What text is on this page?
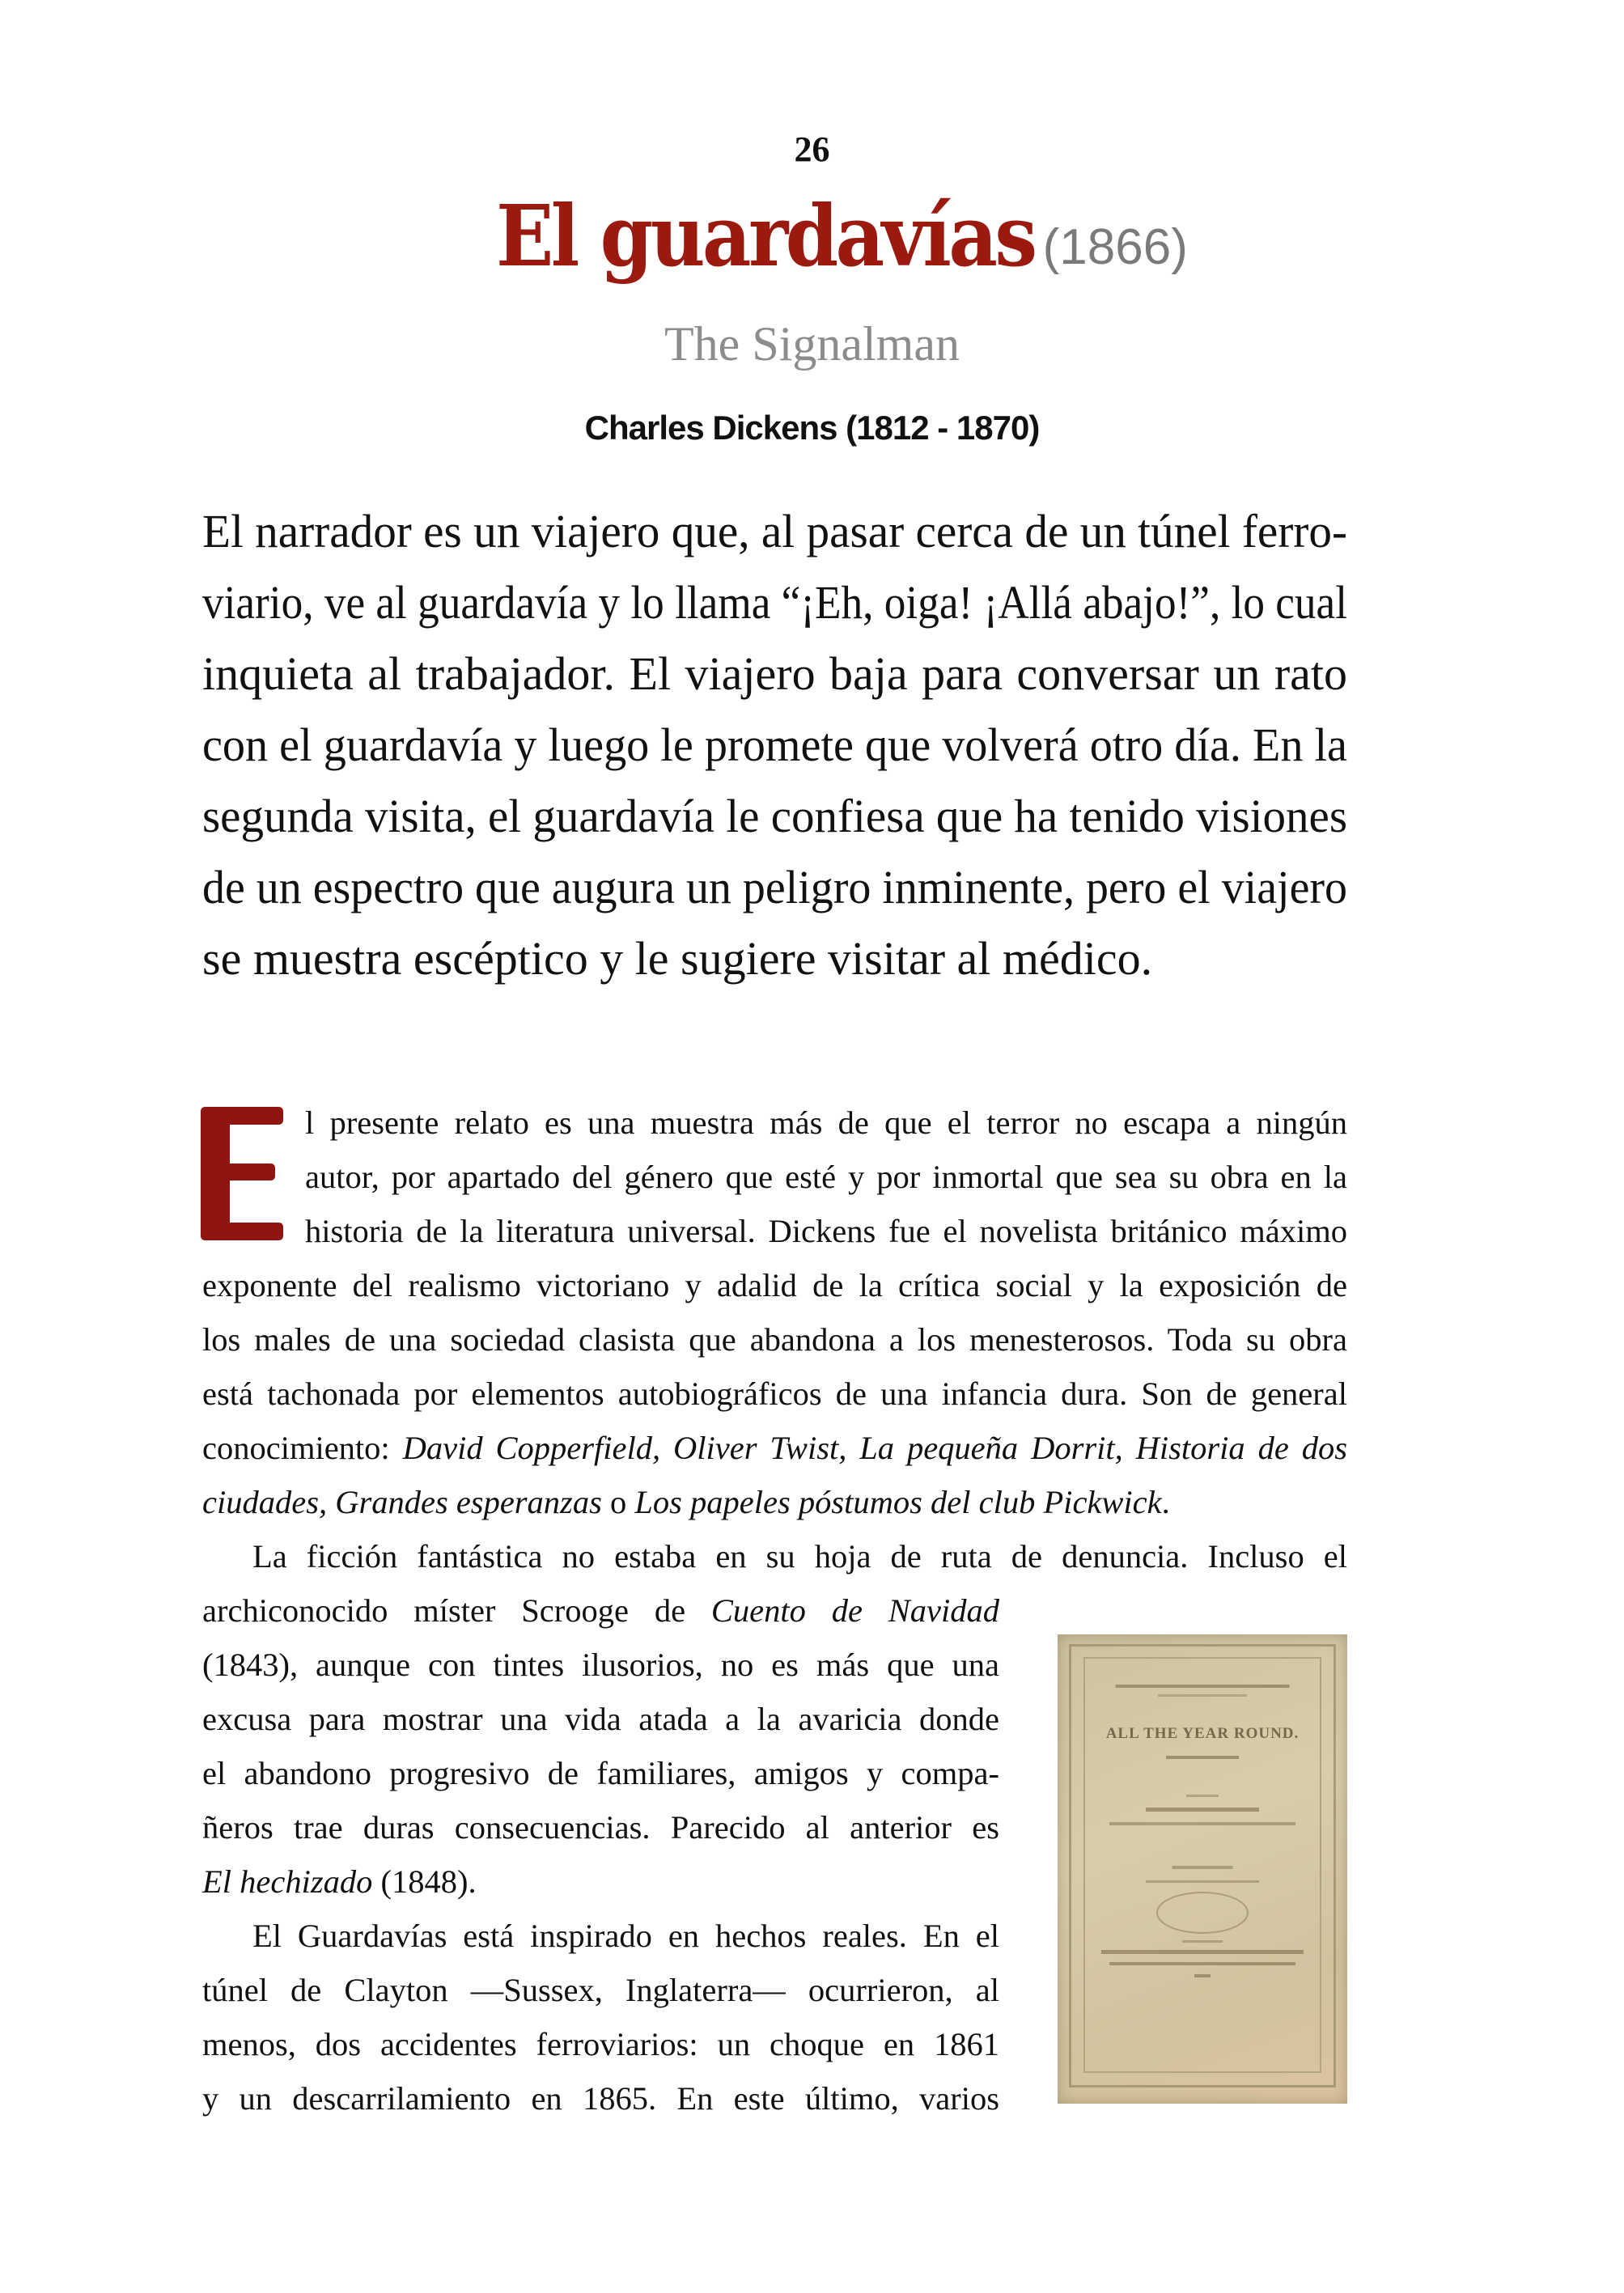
26
El guardavías (1866)
The Signalman
Charles Dickens (1812 - 1870)
El narrador es un viajero que, al pasar cerca de un túnel ferro-
viario, ve al guardavía y lo llama “¡Eh, oiga! ¡Allá abajo!”, lo cual
inquieta al trabajador. El viajero baja para conversar un rato
con el guardavía y luego le promete que volverá otro día. En la
segunda visita, el guardavía le confiesa que ha tenido visiones
de un espectro que augura un peligro inminente, pero el viajero
se muestra escéptico y le sugiere visitar al médico.
l presente relato es una muestra más de que el terror no escapa a ningún
autor, por apartado del género que esté y por inmortal que sea su obra en la
historia de la literatura universal. Dickens fue el novelista británico máximo
exponente del realismo victoriano y adalid de la crítica social y la exposición de
los males de una sociedad clasista que abandona a los menesterosos. Toda su obra
está tachonada por elementos autobiográficos de una infancia dura. Son de general
conocimiento: David Copperfield, Oliver Twist, La pequeña Dorrit, Historia de dos
ciudades, Grandes esperanzas o Los papeles póstumos del club Pickwick.
La ficción fantástica no estaba en su hoja de ruta de denuncia. Incluso el
archiconocido míster Scrooge de Cuento de Navidad
(1843), aunque con tintes ilusorios, no es más que una
excusa para mostrar una vida atada a la avaricia donde
el abandono progresivo de familiares, amigos y compa-
ñeros trae duras consecuencias. Parecido al anterior es
El hechizado (1848).
El Guardavías está inspirado en hechos reales. En el
túnel de Clayton —Sussex, Inglaterra— ocurrieron, al
menos, dos accidentes ferroviarios: un choque en 1861
y un descarrilamiento en 1865. En este último, varios
ALL THE YEAR ROUND.
